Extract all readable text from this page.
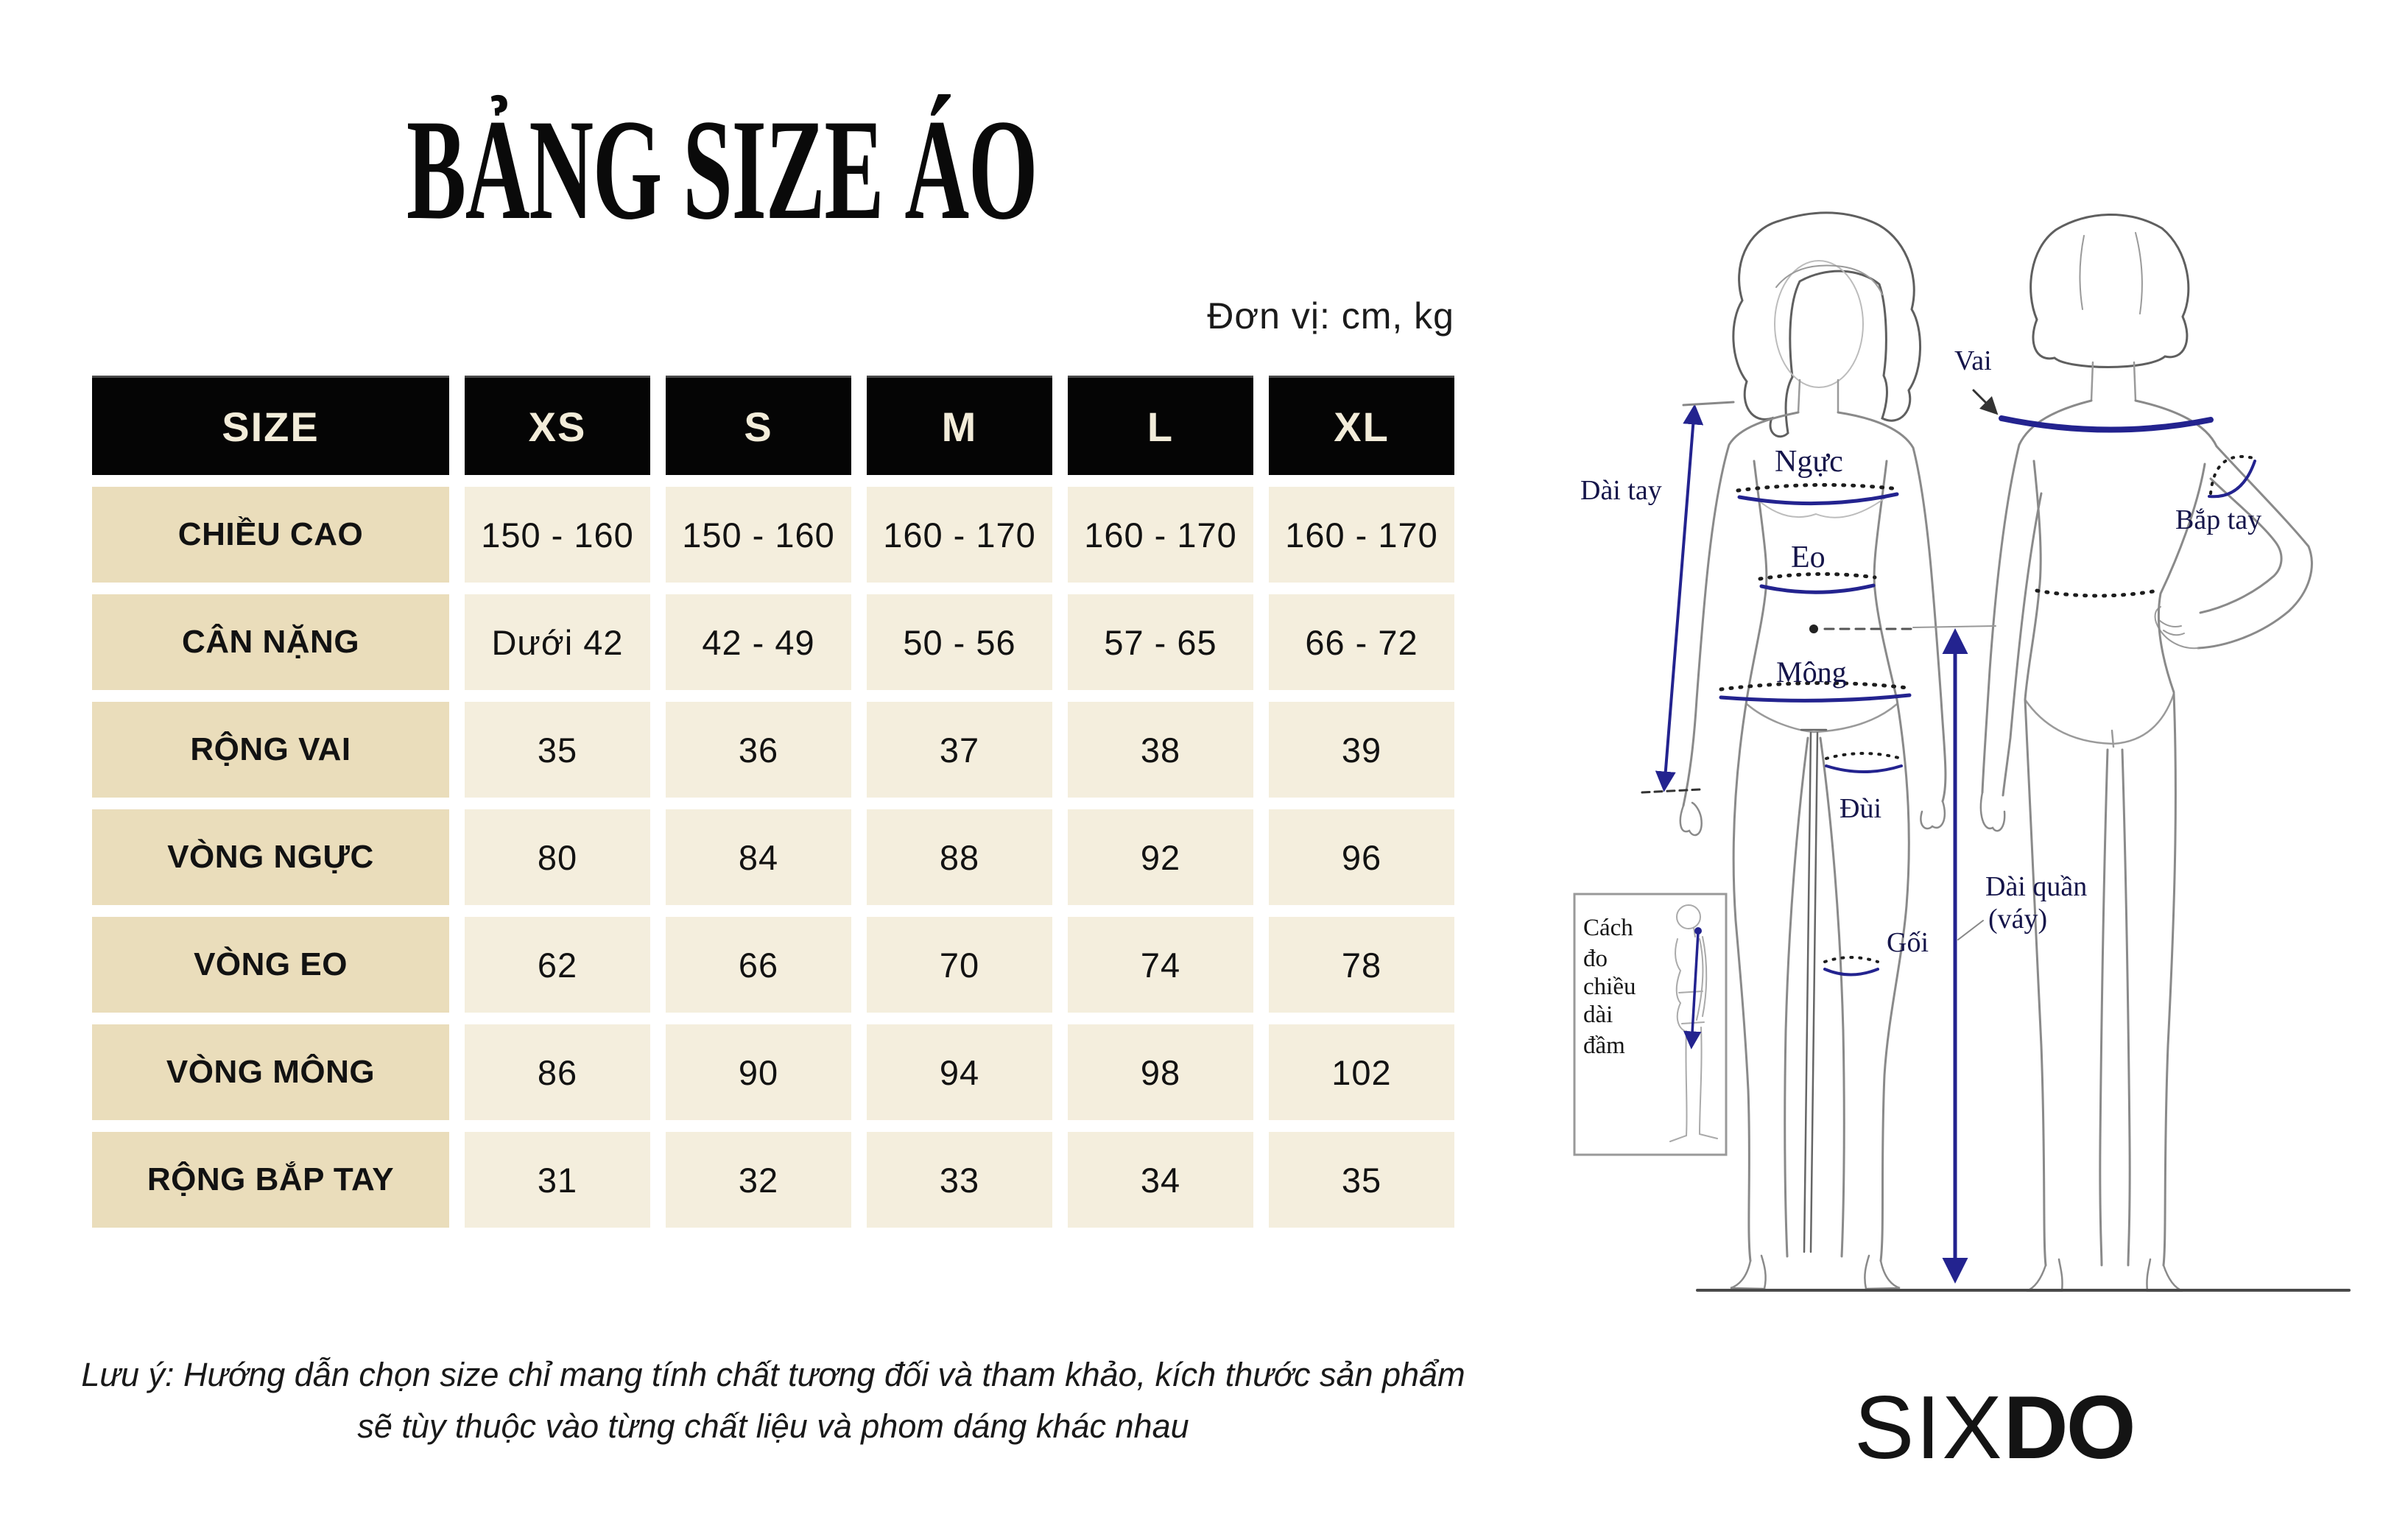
BẢNG SIZE ÁO
Đơn vị: cm, kg
SIZE	XS	S	M	L	XL
CHIỀU CAO	150 - 160	150 - 160	160 - 170	160 - 170	160 - 170
CÂN NẶNG	Dưới 42	42 - 49	50 - 56	57 - 65	66 - 72
RỘNG VAI	35	36	37	38	39
VÒNG NGỰC	80	84	88	92	96
VÒNG EO	62	66	70	74	78
VÒNG MÔNG	86	90	94	98	102
RỘNG BẮP TAY	31	32	33	34	35
Lưu ý: Hướng dẫn chọn size chỉ mang tính chất tương đối và tham khảo, kích thước sản phẩm
sẽ tùy thuộc vào từng chất liệu và phom dáng khác nhau
Dài tay
Ngực
Eo
Mông
Đùi
Gối
Vai
Bắp tay
Dài quần
(váy)
Cách
đo
chiều
dài
đầm
SIXDO
